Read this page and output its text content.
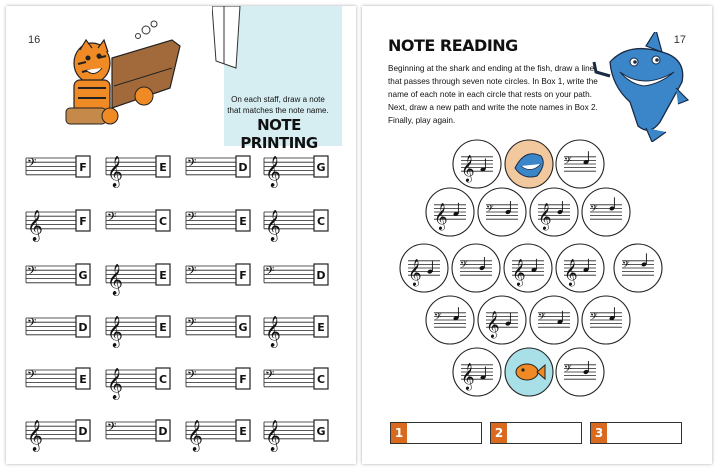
16
On each staff, draw a note that matches the note name.
NOTE PRINTING
𝄢	F 𝄞	E 𝄢	D 𝄞	G
𝄞	F 𝄢	C 𝄢	E 𝄞	C
𝄢	G 𝄞	E 𝄢	F 𝄢	D
𝄢	D 𝄞	E 𝄢	G 𝄞	E
𝄢	E 𝄞	C 𝄢	F 𝄢	C
𝄞	D 𝄢	D 𝄞	E 𝄞	G
17
NOTE READING
Beginning at the shark and ending at the fish, draw a line that passes through seven note circles. In Box 1, write the name of each note in each circle that rests on your path. Next, draw a new path and write the note names in Box 2. Finally, play again.
𝄞	𝄢
𝄞	𝄢 𝄞	𝄢
𝄞	𝄢 𝄞 𝄞	𝄢
𝄢 𝄞	𝄢	𝄢
𝄞	𝄢
1	2	3
